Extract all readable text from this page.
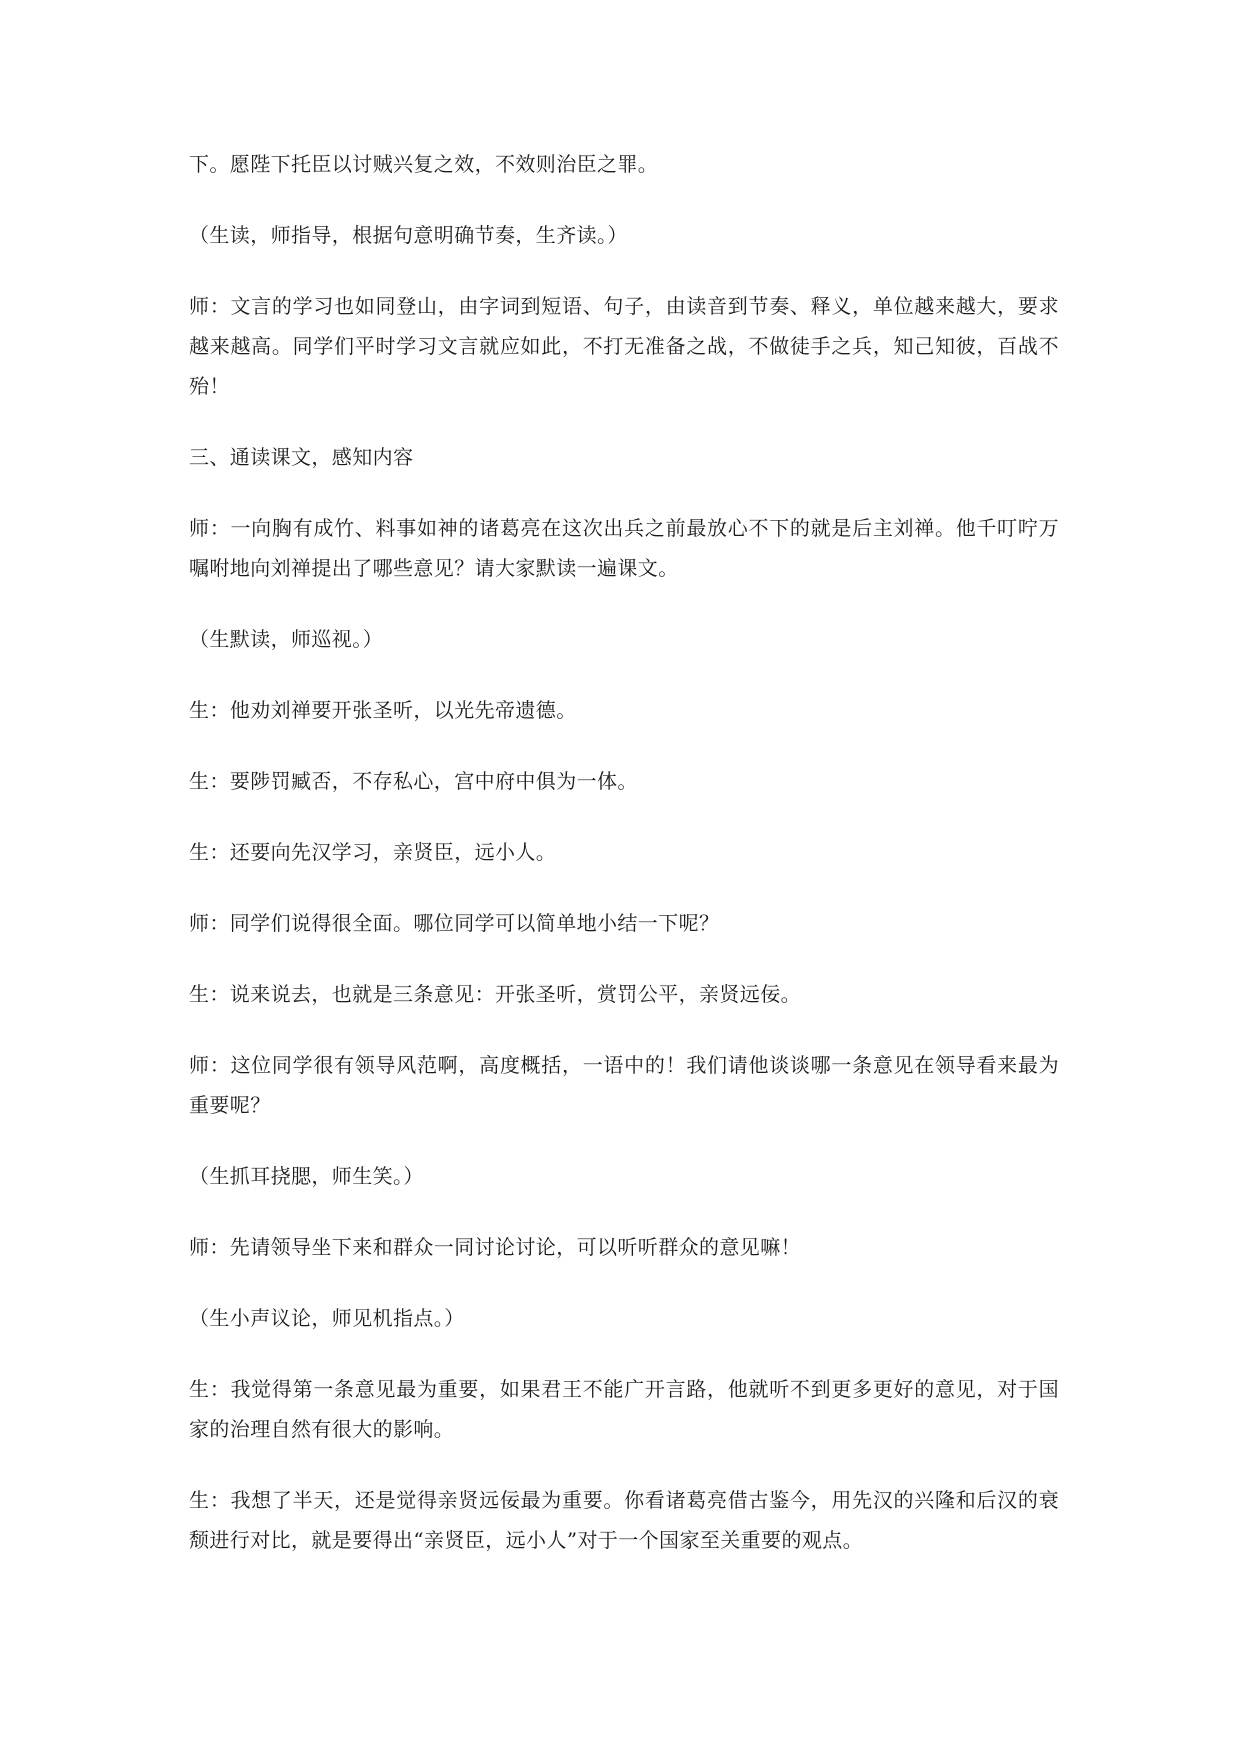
下。愿陛下托臣以讨贼兴复之效，不效则治臣之罪。

（生读，师指导，根据句意明确节奏，生齐读。）

师：文言的学习也如同登山，由字词到短语、句子，由读音到节奏、释义，单位越来越大，要求越来越高。同学们平时学习文言就应如此，不打无准备之战，不做徒手之兵，知己知彼，百战不殆！

三、通读课文，感知内容

师：一向胸有成竹、料事如神的诸葛亮在这次出兵之前最放心不下的就是后主刘禅。他千叮咛万嘱咐地向刘禅提出了哪些意见？请大家默读一遍课文。

（生默读，师巡视。）

生：他劝刘禅要开张圣听，以光先帝遗德。

生：要陟罚臧否，不存私心，宫中府中俱为一体。

生：还要向先汉学习，亲贤臣，远小人。

师：同学们说得很全面。哪位同学可以简单地小结一下呢？

生：说来说去，也就是三条意见：开张圣听，赏罚公平，亲贤远佞。

师：这位同学很有领导风范啊，高度概括，一语中的！我们请他谈谈哪一条意见在领导看来最为重要呢？

（生抓耳挠腮，师生笑。）

师：先请领导坐下来和群众一同讨论讨论，可以听听群众的意见嘛！

（生小声议论，师见机指点。）

生：我觉得第一条意见最为重要，如果君王不能广开言路，他就听不到更多更好的意见，对于国家的治理自然有很大的影响。

生：我想了半天，还是觉得亲贤远佞最为重要。你看诸葛亮借古鉴今，用先汉的兴隆和后汉的衰颓进行对比，就是要得出“亲贤臣，远小人”对于一个国家至关重要的观点。
